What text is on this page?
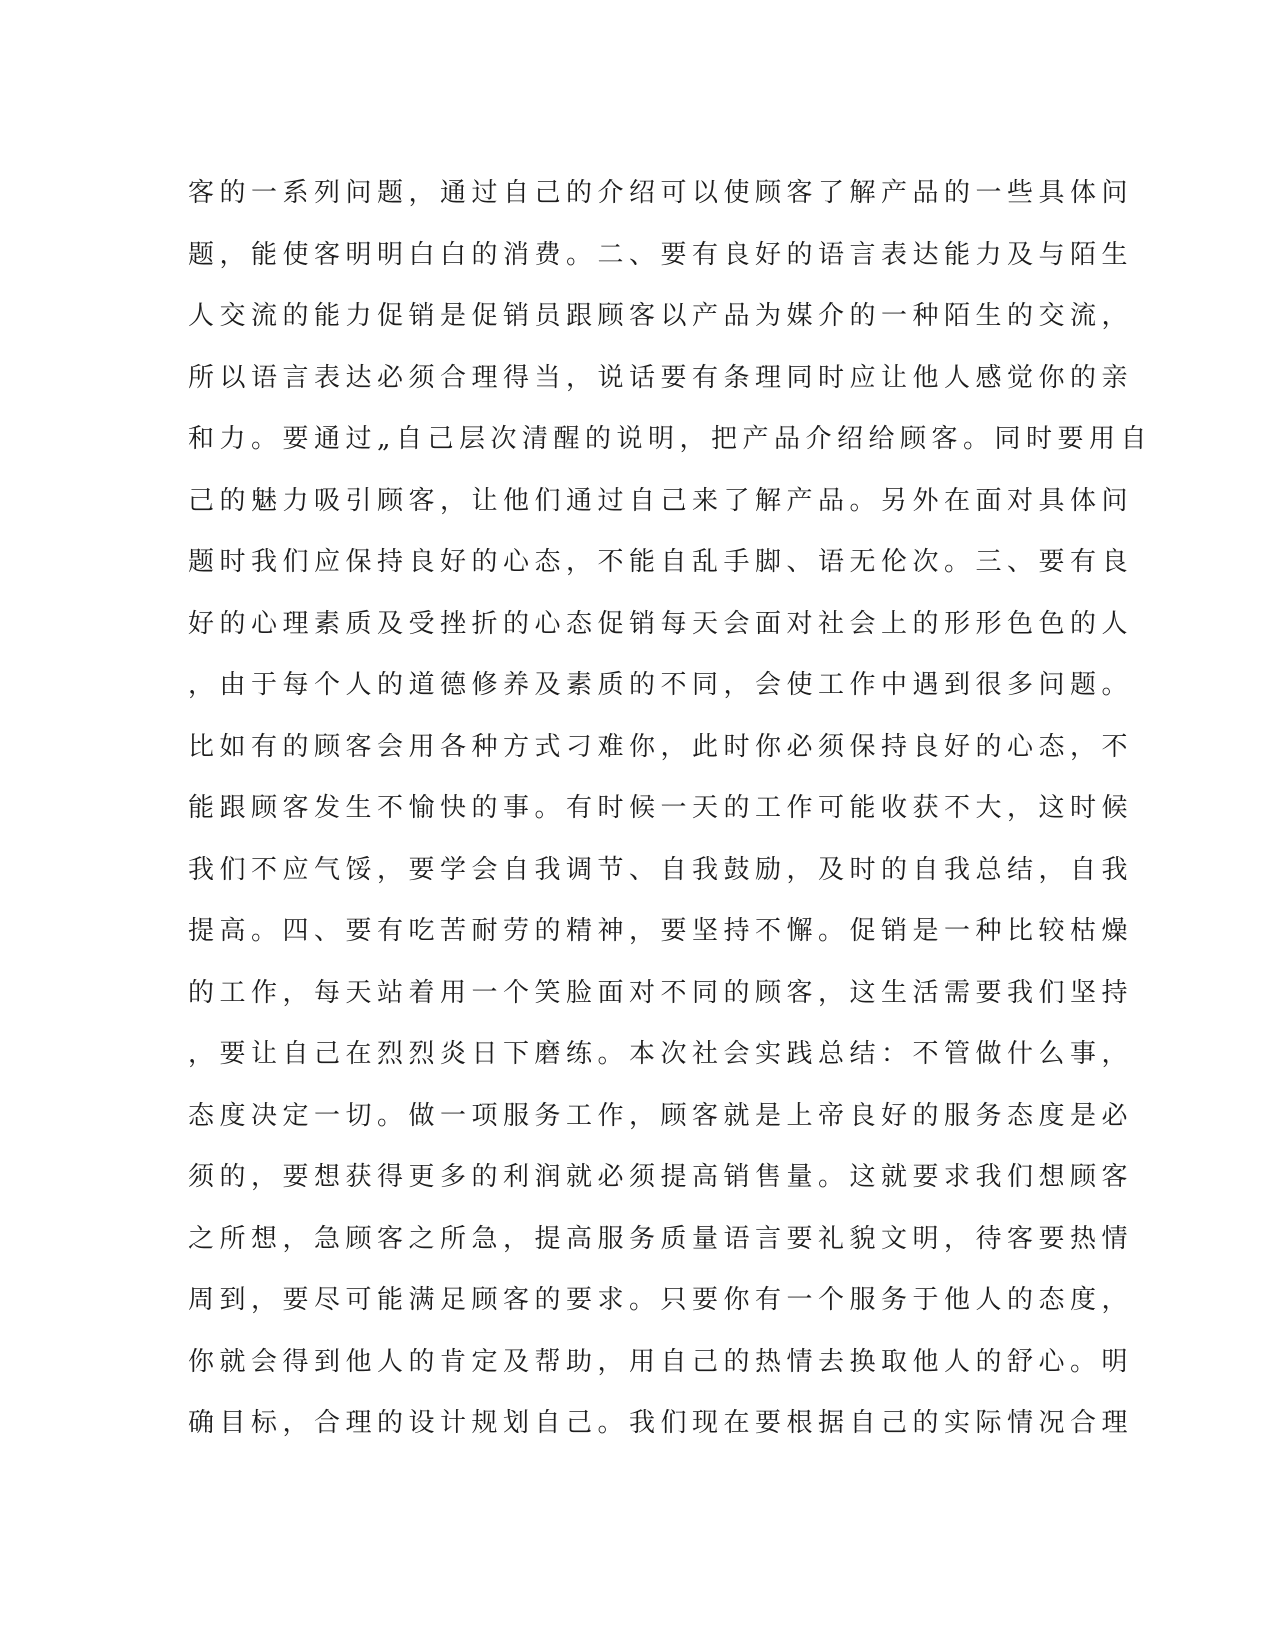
客的一系列问题，通过自己的介绍可以使顾客了解产品的一些具体问
题，能使客明明白白的消费。二、要有良好的语言表达能力及与陌生
人交流的能力促销是促销员跟顾客以产品为媒介的一种陌生的交流，
所以语言表达必须合理得当，说话要有条理同时应让他人感觉你的亲
和力。要通过„自己层次清醒的说明，把产品介绍给顾客。同时要用自
己的魅力吸引顾客，让他们通过自己来了解产品。另外在面对具体问
题时我们应保持良好的心态，不能自乱手脚、语无伦次。三、要有良
好的心理素质及受挫折的心态促销每天会面对社会上的形形色色的人
，由于每个人的道德修养及素质的不同，会使工作中遇到很多问题。
比如有的顾客会用各种方式刁难你，此时你必须保持良好的心态，不
能跟顾客发生不愉快的事。有时候一天的工作可能收获不大，这时候
我们不应气馁，要学会自我调节、自我鼓励，及时的自我总结，自我
提高。四、要有吃苦耐劳的精神，要坚持不懈。促销是一种比较枯燥
的工作，每天站着用一个笑脸面对不同的顾客，这生活需要我们坚持
，要让自己在烈烈炎日下磨练。本次社会实践总结：不管做什么事，
态度决定一切。做一项服务工作，顾客就是上帝良好的服务态度是必
须的，要想获得更多的利润就必须提高销售量。这就要求我们想顾客
之所想，急顾客之所急，提高服务质量语言要礼貌文明，待客要热情
周到，要尽可能满足顾客的要求。只要你有一个服务于他人的态度，
你就会得到他人的肯定及帮助，用自己的热情去换取他人的舒心。明
确目标，合理的设计规划自己。我们现在要根据自己的实际情况合理
